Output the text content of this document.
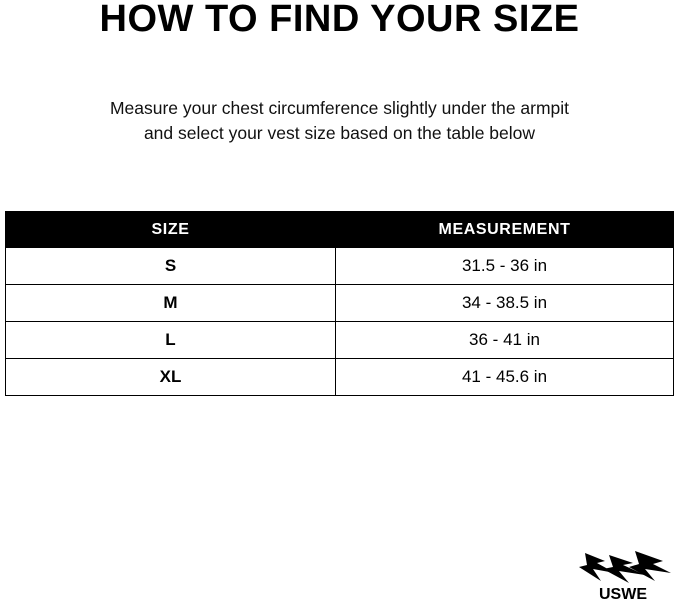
HOW TO FIND YOUR SIZE
Measure your chest circumference slightly under the armpit
and select your vest size based on the table below
SIZE	MEASUREMENT
S	31.5 - 36 in
M	34 - 38.5 in
L	36 - 41 in
XL	41 - 45.6 in
USWE
